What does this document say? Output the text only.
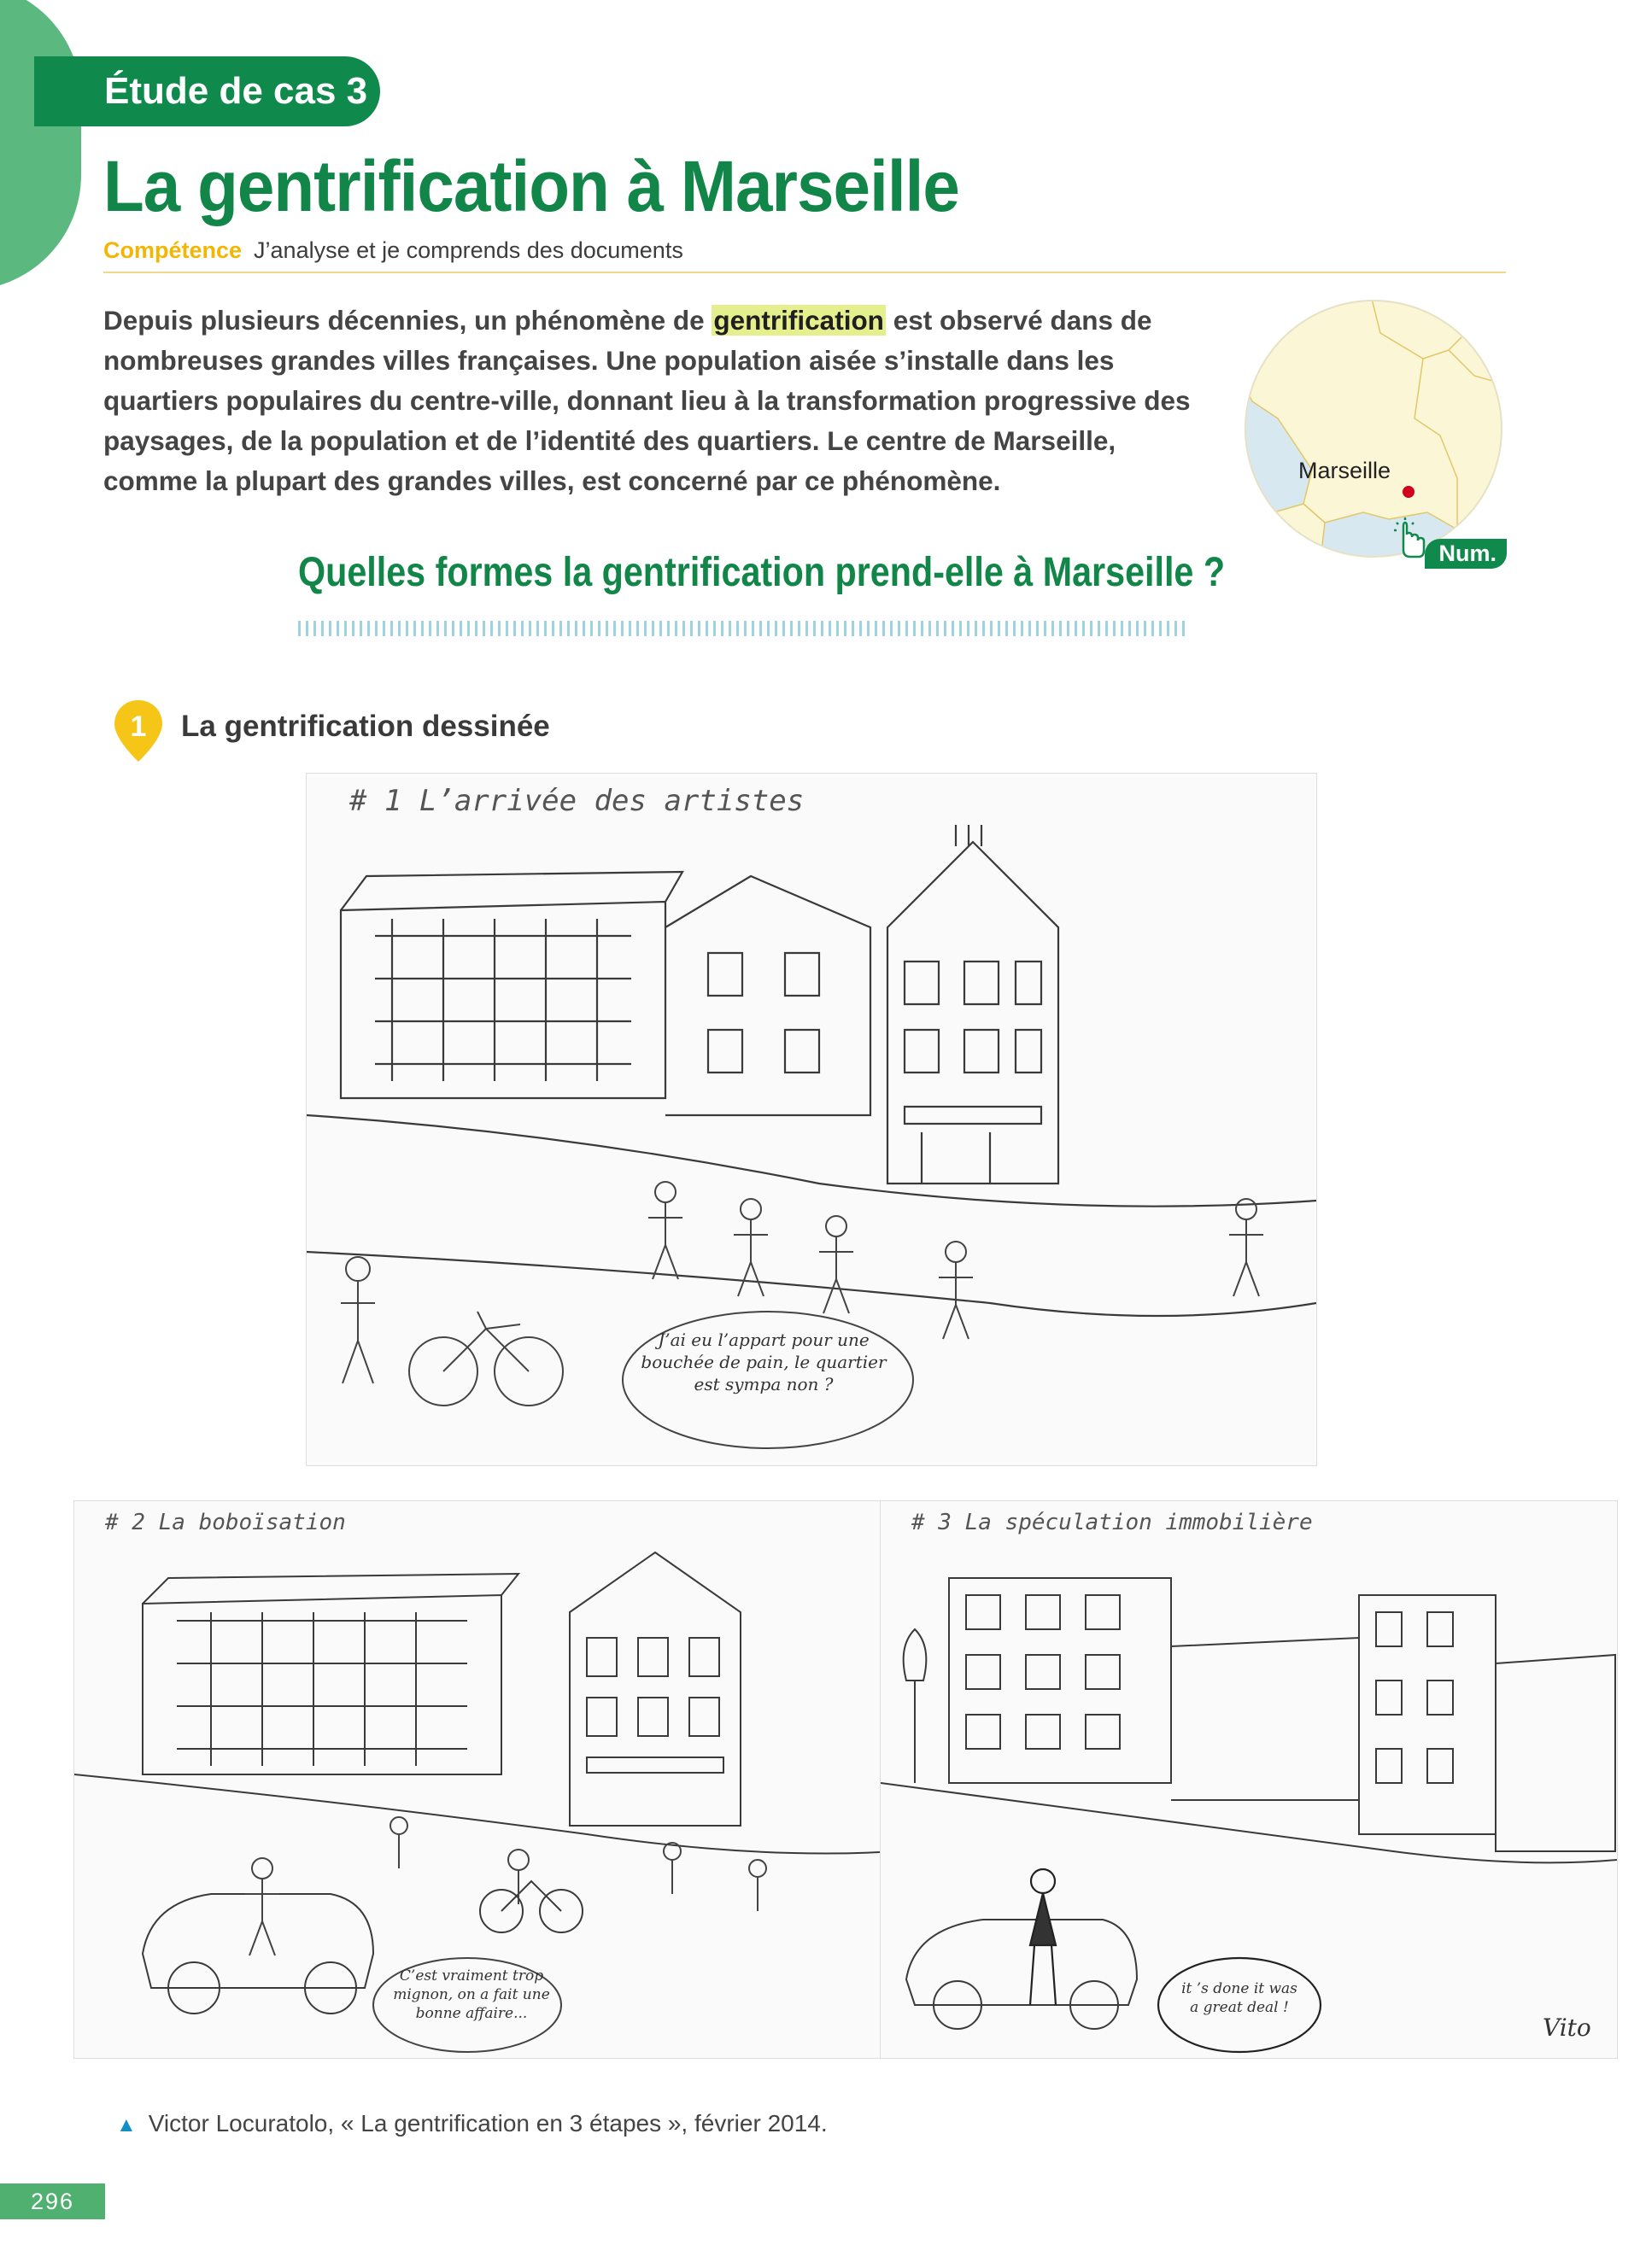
Étude de cas 3
La gentrification à Marseille
Compétence J’analyse et je comprends des documents
Depuis plusieurs décennies, un phénomène de gentrification est observé dans de nombreuses grandes villes françaises. Une population aisée s’installe dans les quartiers populaires du centre-ville, donnant lieu à la transformation progressive des paysages, de la population et de l’identité des quartiers. Le centre de Marseille, comme la plupart des grandes villes, est concerné par ce phénomène.	Marseille
Num.
Quelles formes la gentrification prend-elle à Marseille ?
1	La gentrification dessinée
# 1 L’arrivée des artistes
J’ai eu l’appart pour une bouchée de pain, le quartier est sympa non ?
# 2 La boboïsation
C’est vraiment trop mignon, on a fait une bonne affaire...
# 3 La spéculation immobilière
it ’s done it was a great deal !
Vito
▲ Victor Locuratolo, « La gentrification en 3 étapes », février 2014.
296
